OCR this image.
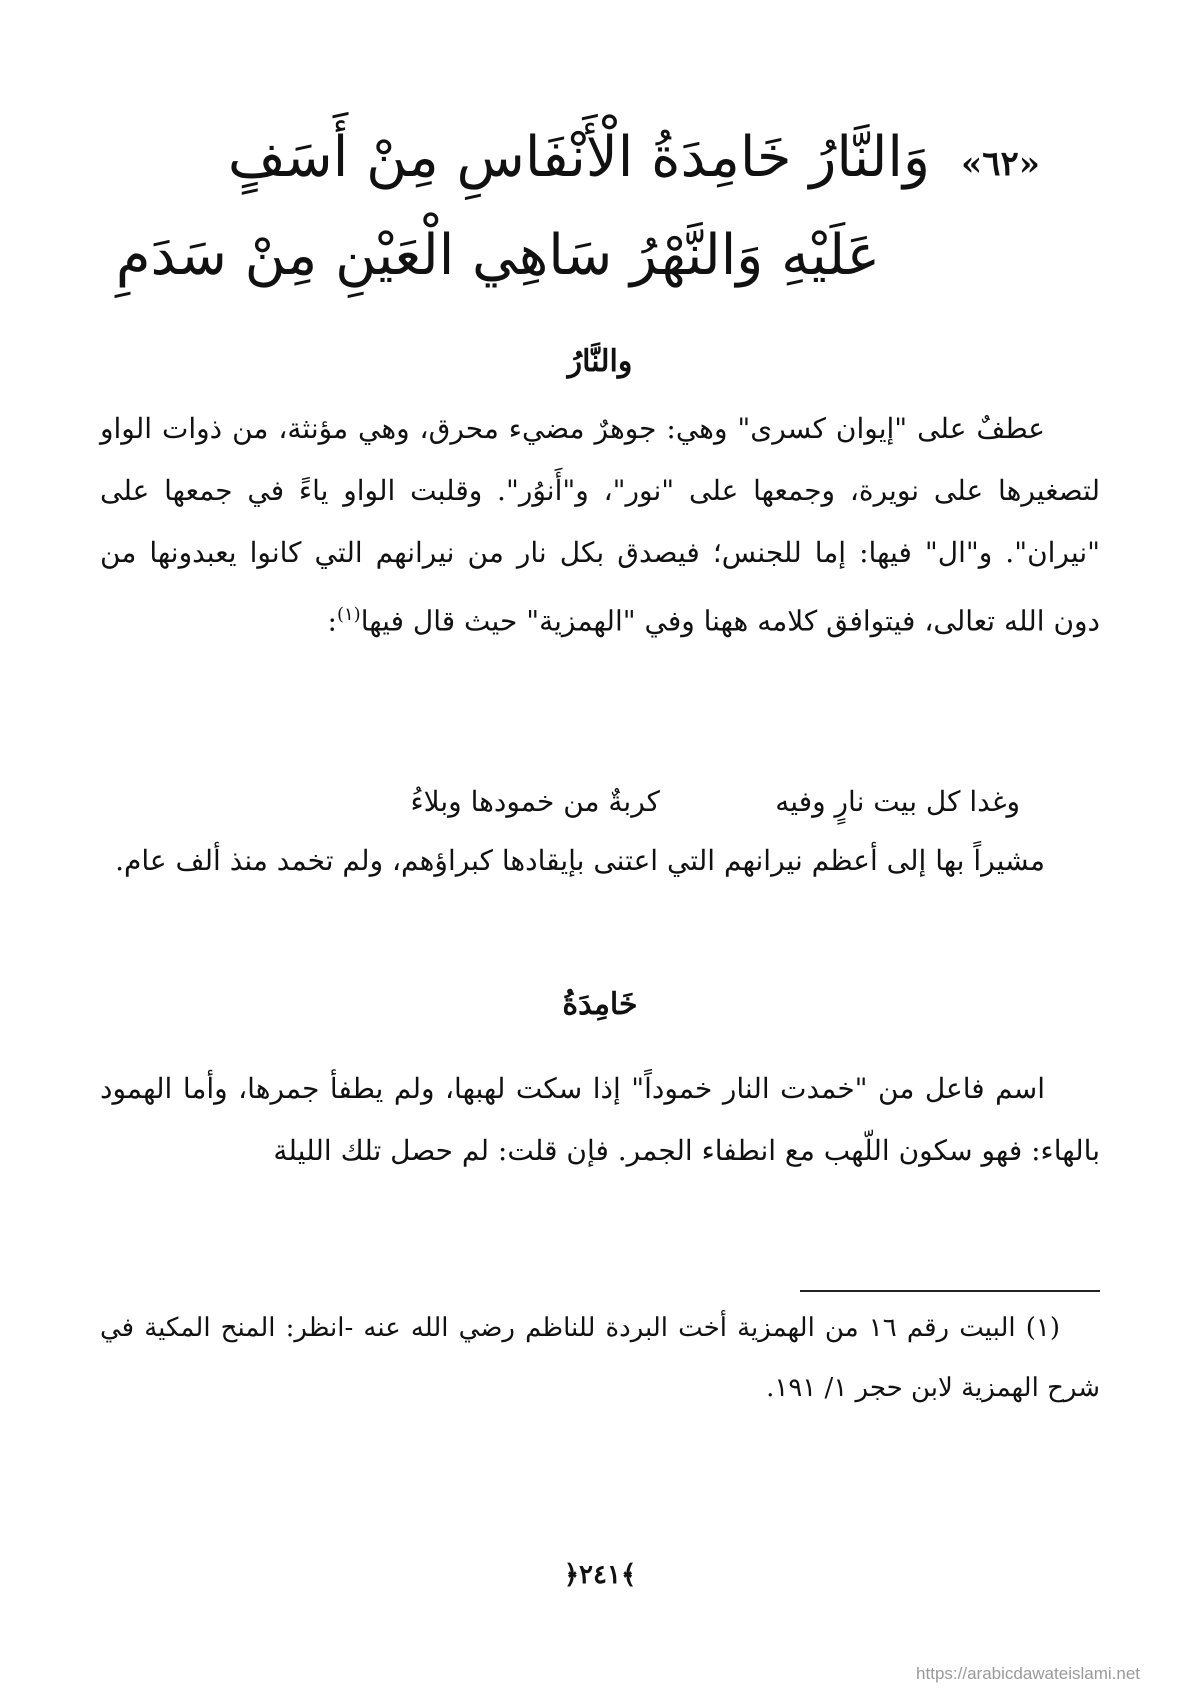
«٦٢»
وَالنَّارُ خَامِدَةُ الْأَنْفَاسِ مِنْ أَسَفٍ
عَلَيْهِ وَالنَّهْرُ سَاهِي الْعَيْنِ مِنْ سَدَمِ
والنَّارُ
عطفٌ على "إيوان كسرى" وهي: جوهرٌ مضيء محرق، وهي مؤنثة، من ذوات الواو لتصغيرها على نويرة، وجمعها على "نور"، و"أَنوُر". وقلبت الواو ياءً في جمعها على "نيران". و"ال" فيها: إما للجنس؛ فيصدق بكل نار من نيرانهم التي كانوا يعبدونها من دون الله تعالى، فيتوافق كلامه ههنا وفي "الهمزية" حيث قال فيها$^{(١)}$:
وغدا كل بيت نارٍ وفيه
كربةٌ من خمودها وبلاءُ
مشيراً بها إلى أعظم نيرانهم التي اعتنى بإيقادها كبراؤهم، ولم تخمد منذ ألف عام.
خَامِدَةُ
اسم فاعل من "خمدت النار خموداً" إذا سكت لهبها، ولم يطفأ جمرها، وأما الهمود بالهاء: فهو سكون اللّهب مع انطفاء الجمر. فإن قلت: لم حصل تلك الليلة
(١) البيت رقم ١٦ من الهمزية أخت البردة للناظم رضي الله عنه -انظر: المنح المكية في شرح الهمزية لابن حجر ١/ ١٩١.
﴿٢٤١﴾
https://arabicdawateislami.net
